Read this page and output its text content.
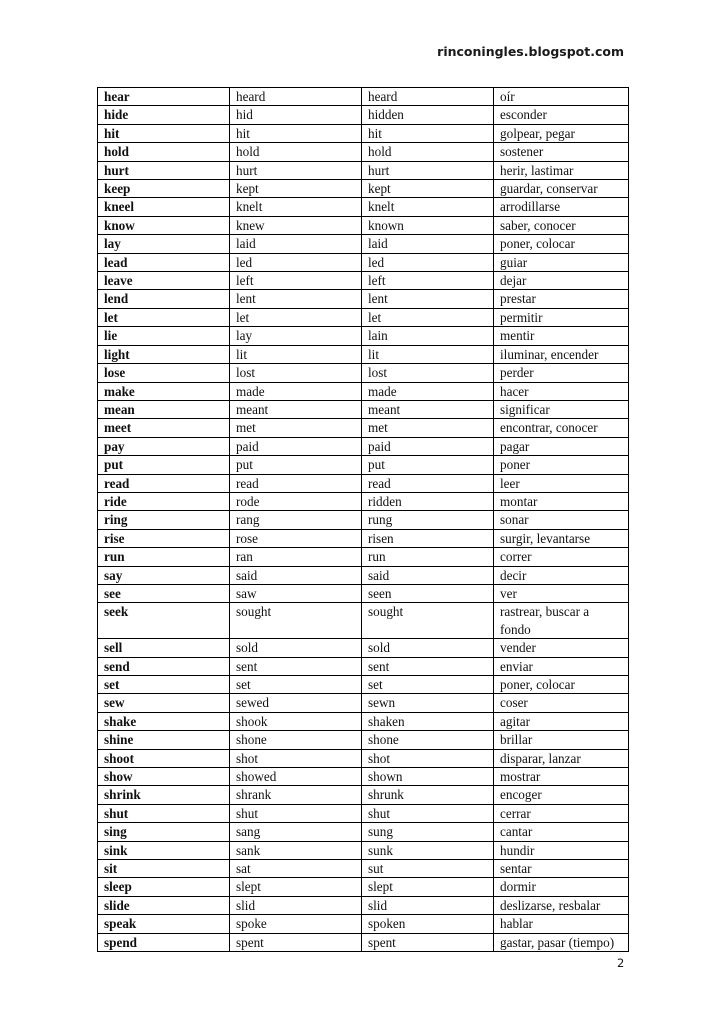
rinconingles.blogspot.com
hear	heard	heard	oír
hide	hid	hidden	esconder
hit	hit	hit	golpear, pegar
hold	hold	hold	sostener
hurt	hurt	hurt	herir, lastimar
keep	kept	kept	guardar, conservar
kneel	knelt	knelt	arrodillarse
know	knew	known	saber, conocer
lay	laid	laid	poner, colocar
lead	led	led	guiar
leave	left	left	dejar
lend	lent	lent	prestar
let	let	let	permitir
lie	lay	lain	mentir
light	lit	lit	iluminar, encender
lose	lost	lost	perder
make	made	made	hacer
mean	meant	meant	significar
meet	met	met	encontrar, conocer
pay	paid	paid	pagar
put	put	put	poner
read	read	read	leer
ride	rode	ridden	montar
ring	rang	rung	sonar
rise	rose	risen	surgir, levantarse
run	ran	run	correr
say	said	said	decir
see	saw	seen	ver
seek	sought	sought	rastrear, buscar a fondo
sell	sold	sold	vender
send	sent	sent	enviar
set	set	set	poner, colocar
sew	sewed	sewn	coser
shake	shook	shaken	agitar
shine	shone	shone	brillar
shoot	shot	shot	disparar, lanzar
show	showed	shown	mostrar
shrink	shrank	shrunk	encoger
shut	shut	shut	cerrar
sing	sang	sung	cantar
sink	sank	sunk	hundir
sit	sat	sut	sentar
sleep	slept	slept	dormir
slide	slid	slid	deslizarse, resbalar
speak	spoke	spoken	hablar
spend	spent	spent	gastar, pasar (tiempo)
2
